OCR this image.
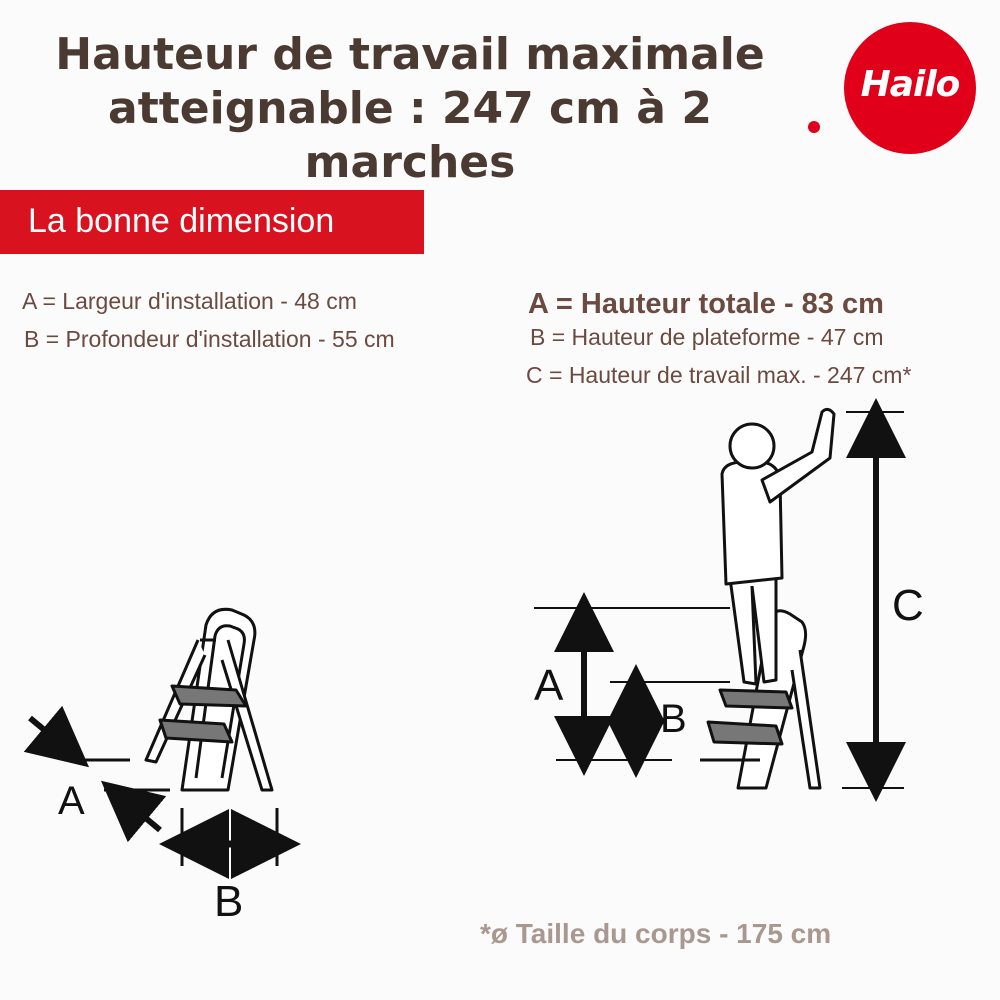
Hauteur de travail maximale
atteignable : 247 cm à 2 marches
Hailo
La bonne dimension
A = Largeur d'installation - 48 cm
B = Profondeur d'installation - 55 cm
A = Hauteur totale - 83 cm
B = Hauteur de plateforme - 47 cm
C = Hauteur de travail max. - 247 cm*
A
B
A
B
C
*ø Taille du corps - 175 cm
